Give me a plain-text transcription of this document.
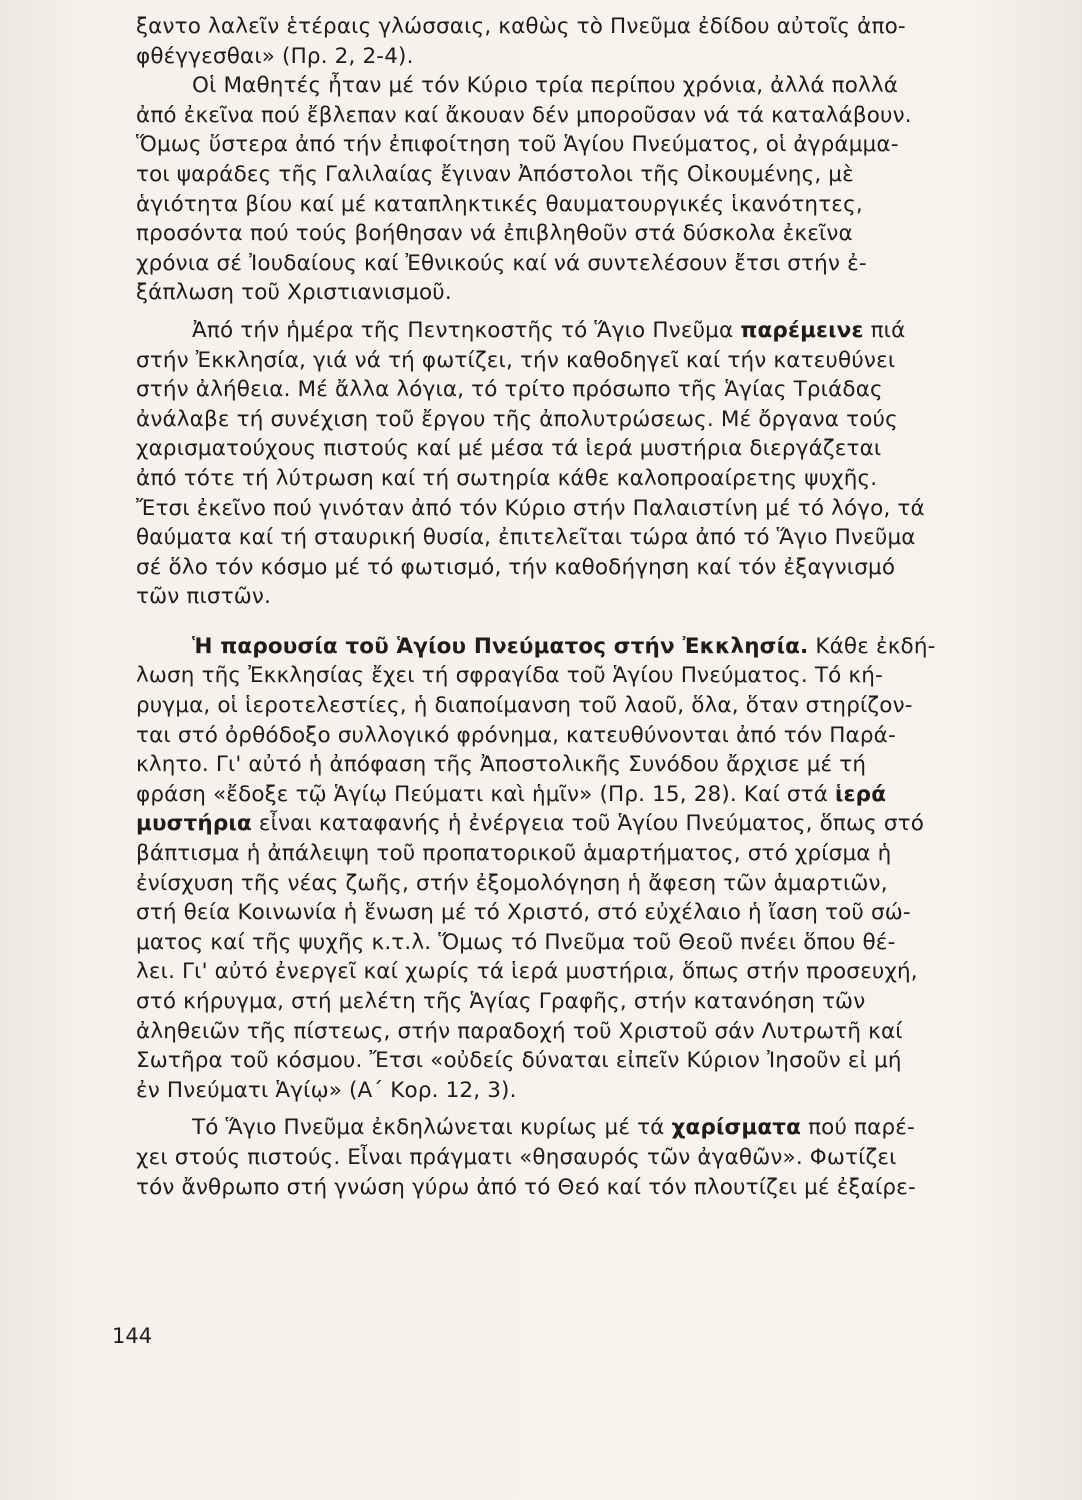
ξαντο λαλεῖν ἑτέραις γλώσσαις, καθὼς τὸ Πνεῦμα ἐδίδου αὐτοῖς ἀπο-
φθέγγεσθαι» (Πρ. 2, 2-4).
Οἱ Μαθητές ἦταν μέ τόν Κύριο τρία περίπου χρόνια, ἀλλά πολλά
ἀπό ἐκεῖνα πού ἔβλεπαν καί ἄκουαν δέν μποροῦσαν νά τά καταλάβουν.
Ὅμως ὕστερα ἀπό τήν ἐπιφοίτηση τοῦ Ἁγίου Πνεύματος, οἱ ἀγράμμα-
τοι ψαράδες τῆς Γαλιλαίας ἔγιναν Ἀπόστολοι τῆς Οἰκουμένης, μὲ
ἁγιότητα βίου καί μέ καταπληκτικές θαυματουργικές ἱκανότητες,
προσόντα πού τούς βοήθησαν νά ἐπιβληθοῦν στά δύσκολα ἐκεῖνα
χρόνια σέ Ἰουδαίους καί Ἐθνικούς καί νά συντελέσουν ἔτσι στήν ἐ-
ξάπλωση τοῦ Χριστιανισμοῦ.
Ἀπό τήν ἡμέρα τῆς Πεντηκοστῆς τό Ἅγιο Πνεῦμα παρέμεινε πιά
στήν Ἐκκλησία, γιά νά τή φωτίζει, τήν καθοδηγεῖ καί τήν κατευθύνει
στήν ἀλήθεια. Μέ ἄλλα λόγια, τό τρίτο πρόσωπο τῆς Ἁγίας Τριάδας
ἀνάλαβε τή συνέχιση τοῦ ἔργου τῆς ἀπολυτρώσεως. Μέ ὄργανα τούς
χαρισματούχους πιστούς καί μέ μέσα τά ἱερά μυστήρια διεργάζεται
ἀπό τότε τή λύτρωση καί τή σωτηρία κάθε καλοπροαίρετης ψυχῆς.
Ἔτσι ἐκεῖνο πού γινόταν ἀπό τόν Κύριο στήν Παλαιστίνη μέ τό λόγο, τά
θαύματα καί τή σταυρική θυσία, ἐπιτελεῖται τώρα ἀπό τό Ἅγιο Πνεῦμα
σέ ὅλο τόν κόσμο μέ τό φωτισμό, τήν καθοδήγηση καί τόν ἐξαγνισμό
τῶν πιστῶν.
Ἡ παρουσία τοῦ Ἁγίου Πνεύματος στήν Ἐκκλησία. Κάθε ἐκδή-
λωση τῆς Ἐκκλησίας ἔχει τή σφραγίδα τοῦ Ἁγίου Πνεύματος. Τό κή-
ρυγμα, οἱ ἱεροτελεστίες, ἡ διαποίμανση τοῦ λαοῦ, ὅλα, ὅταν στηρίζον-
ται στό ὀρθόδοξο συλλογικό φρόνημα, κατευθύνονται ἀπό τόν Παρά-
κλητο. Γι' αὐτό ἡ ἀπόφαση τῆς Ἀποστολικῆς Συνόδου ἄρχισε μέ τή
φράση «ἔδοξε τῷ Ἁγίῳ Πεύματι καὶ ἡμῖν» (Πρ. 15, 28). Καί στά ἱερά
μυστήρια εἶναι καταφανής ἡ ἐνέργεια τοῦ Ἁγίου Πνεύματος, ὅπως στό
βάπτισμα ἡ ἀπάλειψη τοῦ προπατορικοῦ ἁμαρτήματος, στό χρίσμα ἡ
ἐνίσχυση τῆς νέας ζωῆς, στήν ἐξομολόγηση ἡ ἄφεση τῶν ἁμαρτιῶν,
στή θεία Κοινωνία ἡ ἕνωση μέ τό Χριστό, στό εὐχέλαιο ἡ ἴαση τοῦ σώ-
ματος καί τῆς ψυχῆς κ.τ.λ. Ὅμως τό Πνεῦμα τοῦ Θεοῦ πνέει ὅπου θέ-
λει. Γι' αὐτό ἐνεργεῖ καί χωρίς τά ἱερά μυστήρια, ὅπως στήν προσευχή,
στό κήρυγμα, στή μελέτη τῆς Ἁγίας Γραφῆς, στήν κατανόηση τῶν
ἀληθειῶν τῆς πίστεως, στήν παραδοχή τοῦ Χριστοῦ σάν Λυτρωτῆ καί
Σωτῆρα τοῦ κόσμου. Ἔτσι «οὐδείς δύναται εἰπεῖν Κύριον Ἰησοῦν εἰ μή
ἐν Πνεύματι Ἁγίῳ» (Α΄ Κορ. 12, 3).
Τό Ἅγιο Πνεῦμα ἐκδηλώνεται κυρίως μέ τά χαρίσματα πού παρέ-
χει στούς πιστούς. Εἶναι πράγματι «θησαυρός τῶν ἀγαθῶν». Φωτίζει
τόν ἄνθρωπο στή γνώση γύρω ἀπό τό Θεό καί τόν πλουτίζει μέ ἐξαίρε-
144
